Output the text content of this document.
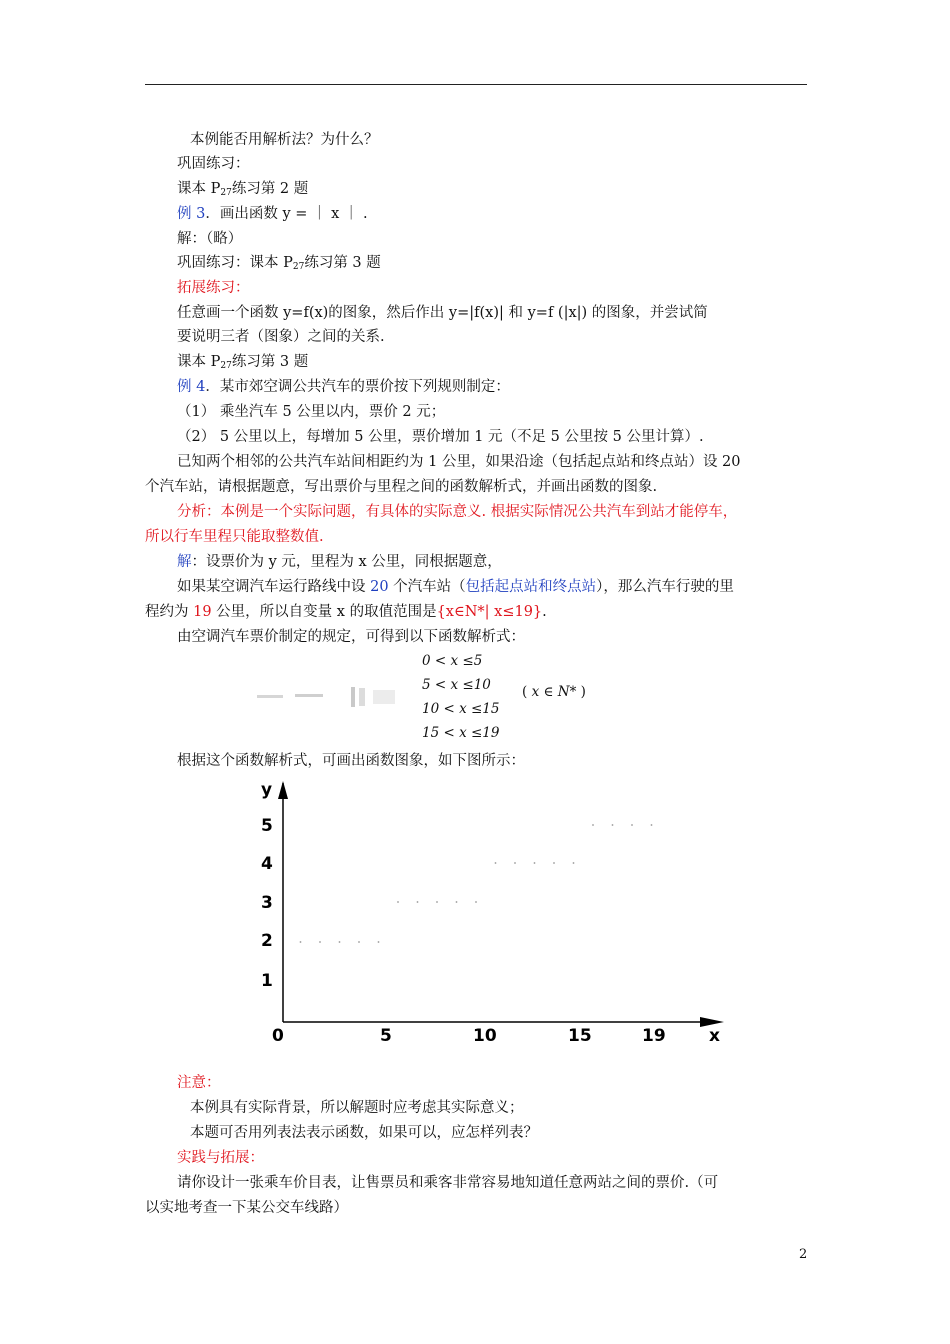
本例能否用解析法？为什么？
巩固练习：
课本 $P_{27}$练习第 2 题
例 3．画出函数 y = ｜ x ｜ .
解：（略）
巩固练习：课本 $P_{27}$练习第 3 题
拓展练习：
任意画一个函数 y=f(x)的图象，然后作出 y=|f(x)| 和 y=f (|x|) 的图象，并尝试简
要说明三者（图象）之间的关系.
课本 $P_{27}$练习第 3 题
例 4．某市郊空调公共汽车的票价按下列规则制定：
（1） 乘坐汽车 5 公里以内，票价 2 元；
（2） 5 公里以上，每增加 5 公里，票价增加 1 元（不足 5 公里按 5 公里计算）.
已知两个相邻的公共汽车站间相距约为 1 公里，如果沿途（包括起点站和终点站）设 20
个汽车站，请根据题意，写出票价与里程之间的函数解析式，并画出函数的图象.
分析：本例是一个实际问题，有具体的实际意义. 根据实际情况公共汽车到站才能停车，
所以行车里程只能取整数值.
解：设票价为 y 元，里程为 x 公里，同根据题意，
如果某空调汽车运行路线中设 20 个汽车站（包括起点站和终点站），那么汽车行驶的里
程约为 19 公里，所以自变量 x 的取值范围是{x∈N*| x≤19}.
由空调汽车票价制定的规定，可得到以下函数解析式：
0 < x ≤5
5 < x ≤10
10 < x ≤15
15 < x ≤19
( x ∈ N* )
根据这个函数解析式，可画出函数图象，如下图所示：
y
x
1
2
3
4
5
0	5	10	15	19
注意：
本例具有实际背景，所以解题时应考虑其实际意义；
本题可否用列表法表示函数，如果可以，应怎样列表？
实践与拓展：
请你设计一张乘车价目表，让售票员和乘客非常容易地知道任意两站之间的票价.（可
以实地考查一下某公交车线路）
2
